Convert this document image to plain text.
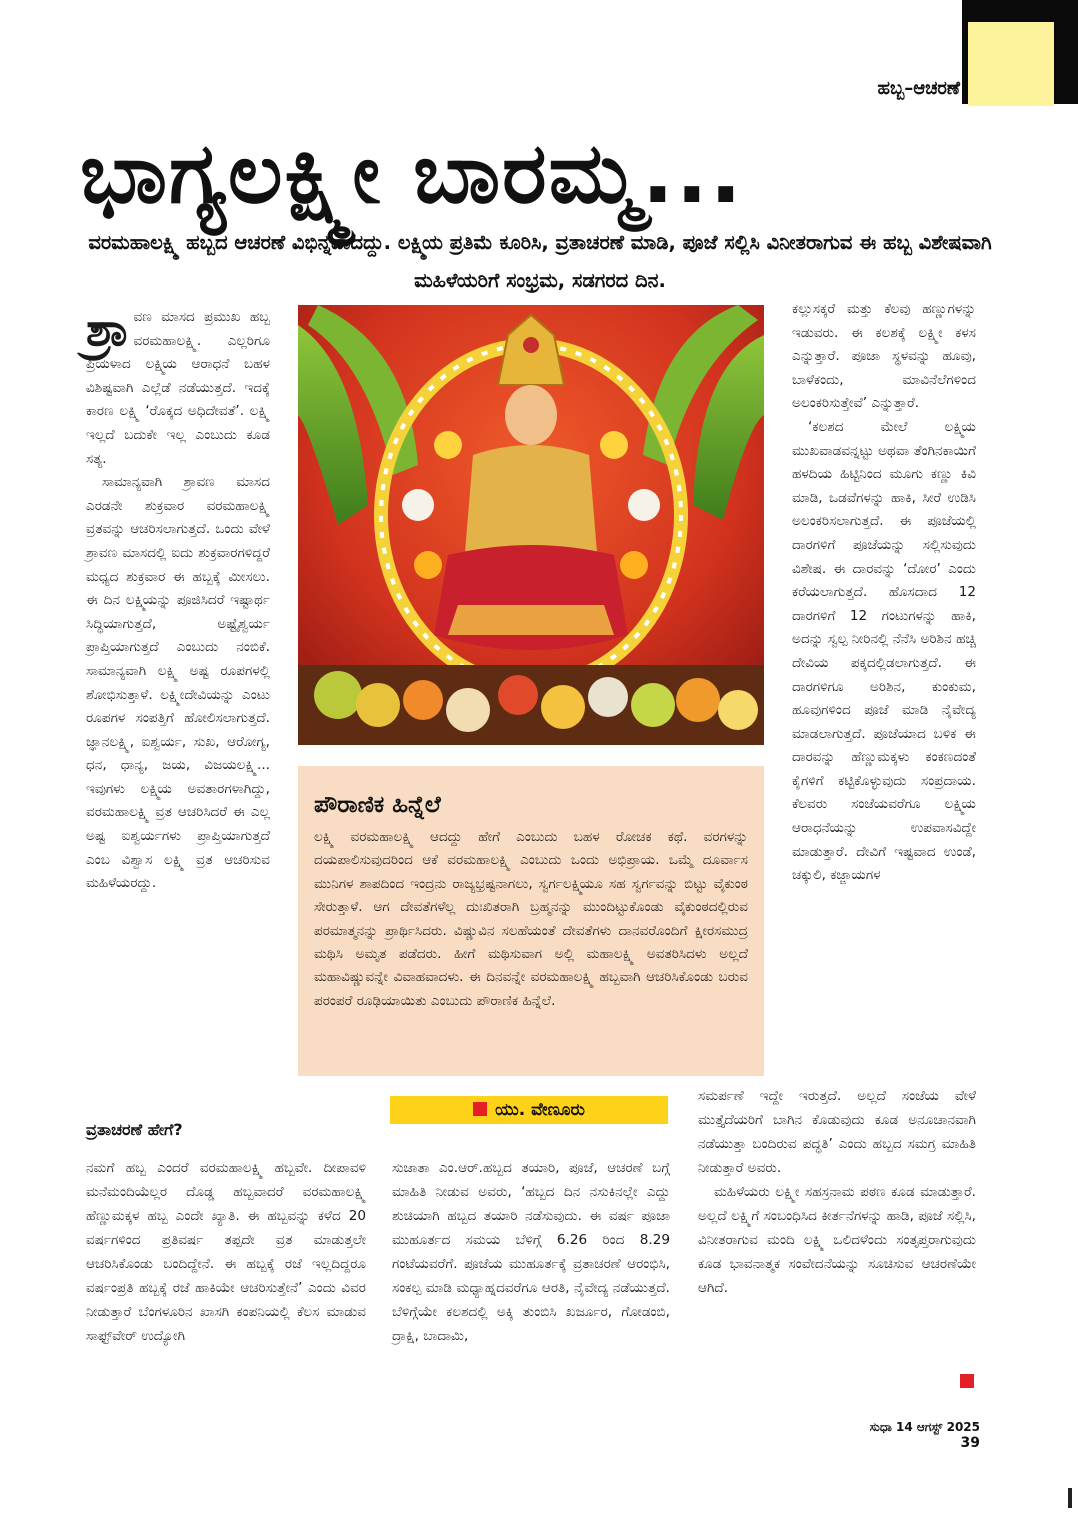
ಹಬ್ಬ–ಆಚರಣೆ
ಭಾಗ್ಯಲಕ್ಷ್ಮೀ ಬಾರಮ್ಮ...
ವರಮಹಾಲಕ್ಷ್ಮಿ ಹಬ್ಬದ ಆಚರಣೆ ವಿಭಿನ್ನವಾದದ್ದು. ಲಕ್ಷ್ಮಿಯ ಪ್ರತಿಮೆ ಕೂರಿಸಿ, ವ್ರತಾಚರಣೆ ಮಾಡಿ, ಪೂಜೆ ಸಲ್ಲಿಸಿ ವಿನೀತರಾಗುವ ಈ ಹಬ್ಬ ವಿಶೇಷವಾಗಿ ಮಹಿಳೆಯರಿಗೆ ಸಂಭ್ರಮ, ಸಡಗರದ ದಿನ.

ಶ್ರಾ ವಣ ಮಾಸದ ಪ್ರಮುಖ ಹಬ್ಬ ವರಮಹಾಲಕ್ಷ್ಮಿ. ಎಲ್ಲರಿಗೂ ಪ್ರಿಯಳಾದ ಲಕ್ಷ್ಮಿಯ ಆರಾಧನೆ ಬಹಳ ವಿಶಿಷ್ಟವಾಗಿ ಎಲ್ಲೆಡೆ ನಡೆಯುತ್ತದೆ. ಇದಕ್ಕೆ ಕಾರಣ ಲಕ್ಷ್ಮಿ ‘ರೊಕ್ಕದ ಅಧಿದೇವತೆ’. ಲಕ್ಷ್ಮಿ ಇಲ್ಲದೆ ಬದುಕೇ ಇಲ್ಲ ಎಂಬುದು ಕೂಡ ಸತ್ಯ.

ಸಾಮಾನ್ಯವಾಗಿ ಶ್ರಾವಣ ಮಾಸದ ಎರಡನೇ ಶುಕ್ರವಾರ ವರಮಹಾಲಕ್ಷ್ಮಿ ವ್ರತವನ್ನು ಆಚರಿಸಲಾಗುತ್ತದೆ. ಒಂದು ವೇಳೆ ಶ್ರಾವಣ ಮಾಸದಲ್ಲಿ ಐದು ಶುಕ್ರವಾರಗಳಿದ್ದರೆ ಮಧ್ಯದ ಶುಕ್ರವಾರ ಈ ಹಬ್ಬಕ್ಕೆ ಮೀಸಲು. ಈ ದಿನ ಲಕ್ಷ್ಮಿಯನ್ನು ಪೂಜಿಸಿದರೆ ಇಷ್ಟಾರ್ಥ ಸಿದ್ಧಿಯಾಗುತ್ತದೆ, ಅಷ್ಟೈಶ್ವರ್ಯ ಪ್ರಾಪ್ತಿಯಾಗುತ್ತದೆ ಎಂಬುದು ನಂಬಿಕೆ. ಸಾಮಾನ್ಯವಾಗಿ ಲಕ್ಷ್ಮಿ ಅಷ್ಟ ರೂಪಗಳಲ್ಲಿ ಶೋಭಿಸುತ್ತಾಳೆ. ಲಕ್ಷ್ಮೀದೇವಿಯನ್ನು ಎಂಟು ರೂಪಗಳ ಸಂಪತ್ತಿಗೆ ಹೋಲಿಸಲಾಗುತ್ತದೆ. ಜ್ಞಾನಲಕ್ಷ್ಮಿ, ಐಶ್ವರ್ಯ, ಸುಖ, ಆರೋಗ್ಯ, ಧನ, ಧಾನ್ಯ, ಜಯ, ವಿಜಯಲಕ್ಷ್ಮಿ... ಇವುಗಳು ಲಕ್ಷ್ಮಿಯ ಅವತಾರಗಳಾಗಿದ್ದು, ವರಮಹಾಲಕ್ಷ್ಮಿ ವ್ರತ ಆಚರಿಸಿದರೆ ಈ ಎಲ್ಲ ಅಷ್ಟ ಐಶ್ವರ್ಯಗಳು ಪ್ರಾಪ್ತಿಯಾಗುತ್ತದೆ ಎಂಬ ವಿಶ್ವಾಸ ಲಕ್ಷ್ಮಿ ವ್ರತ ಆಚರಿಸುವ ಮಹಿಳೆಯರದ್ದು.

ಪೌರಾಣಿಕ ಹಿನ್ನೆಲೆ
ಲಕ್ಷ್ಮಿ ವರಮಹಾಲಕ್ಷ್ಮಿ ಆದದ್ದು ಹೇಗೆ ಎಂಬುದು ಬಹಳ ರೋಚಕ ಕಥೆ. ವರಗಳನ್ನು ದಯಪಾಲಿಸುವುದರಿಂದ ಆಕೆ ವರಮಹಾಲಕ್ಷ್ಮಿ ಎಂಬುದು ಒಂದು ಅಭಿಪ್ರಾಯ. ಒಮ್ಮೆ ದೂರ್ವಾಸ ಮುನಿಗಳ ಶಾಪದಿಂದ ಇಂದ್ರನು ರಾಜ್ಯಭ್ರಷ್ಟನಾಗಲು, ಸ್ವರ್ಗಲಕ್ಷ್ಮಿಯೂ ಸಹ ಸ್ವರ್ಗವನ್ನು ಬಿಟ್ಟು ವೈಕುಂಠ ಸೇರುತ್ತಾಳೆ. ಆಗ ದೇವತೆಗಳೆಲ್ಲ ದುಃಖಿತರಾಗಿ ಬ್ರಹ್ಮನನ್ನು ಮುಂದಿಟ್ಟುಕೊಂಡು ವೈಕುಂಠದಲ್ಲಿರುವ ಪರಮಾತ್ಮನನ್ನು ಪ್ರಾರ್ಥಿಸಿದರು. ವಿಷ್ಣುವಿನ ಸಲಹೆಯಂತೆ ದೇವತೆಗಳು ದಾನವರೊಂದಿಗೆ ಕ್ಷೀರಸಮುದ್ರ ಮಥಿಸಿ ಅಮೃತ ಪಡೆದರು. ಹೀಗೆ ಮಥಿಸುವಾಗ ಅಲ್ಲಿ ಮಹಾಲಕ್ಷ್ಮಿ ಅವತರಿಸಿದಳು ಅಲ್ಲದೆ ಮಹಾವಿಷ್ಣುವನ್ನೇ ವಿವಾಹವಾದಳು. ಈ ದಿನವನ್ನೇ ವರಮಹಾಲಕ್ಷ್ಮಿ ಹಬ್ಬವಾಗಿ ಆಚರಿಸಿಕೊಂಡು ಬರುವ ಪರಂಪರೆ ರೂಢಿಯಾಯಿತು ಎಂಬುದು ಪೌರಾಣಿಕ ಹಿನ್ನೆಲೆ.
ಯು. ವೇಣೂರು
ವ್ರತಾಚರಣೆ ಹೇಗೆ?
ನಮಗೆ ಹಬ್ಬ ಎಂದರೆ ವರಮಹಾಲಕ್ಷ್ಮಿ ಹಬ್ಬವೇ. ದೀಪಾವಳಿ ಮನೆಮಂದಿಯೆಲ್ಲರ ದೊಡ್ಡ ಹಬ್ಬವಾದರೆ ವರಮಹಾಲಕ್ಷ್ಮಿ ಹೆಣ್ಣುಮಕ್ಕಳ ಹಬ್ಬ ಎಂದೇ ಖ್ಯಾತಿ. ಈ ಹಬ್ಬವನ್ನು ಕಳೆದ 20 ವರ್ಷಗಳಿಂದ ಪ್ರತಿವರ್ಷ ತಪ್ಪದೇ ವ್ರತ ಮಾಡುತ್ತಲೇ ಆಚರಿಸಿಕೊಂಡು ಬಂದಿದ್ದೇನೆ. ಈ ಹಬ್ಬಕ್ಕೆ ರಜೆ ಇಲ್ಲದಿದ್ದರೂ ವರ್ಷಂಪ್ರತಿ ಹಬ್ಬಕ್ಕೆ ರಜೆ ಹಾಕಿಯೇ ಆಚರಿಸುತ್ತೇನೆ’ ಎಂದು ವಿವರ ನೀಡುತ್ತಾರೆ ಬೆಂಗಳೂರಿನ ಖಾಸಗಿ ಕಂಪನಿಯಲ್ಲಿ ಕೆಲಸ ಮಾಡುವ ಸಾಫ್ಟ್‌ವೇರ್ ಉದ್ಯೋಗಿ
ಸುಜಾತಾ ಎಂ.ಆರ್.ಹಬ್ಬದ ತಯಾರಿ, ಪೂಜೆ, ಆಚರಣೆ ಬಗ್ಗೆ ಮಾಹಿತಿ ನೀಡುವ ಅವರು, ‘ಹಬ್ಬದ ದಿನ ನಸುಕಿನಲ್ಲೇ ಎದ್ದು ಶುಚಿಯಾಗಿ ಹಬ್ಬದ ತಯಾರಿ ನಡೆಸುವುದು. ಈ ವರ್ಷ ಪೂಜಾ ಮುಹೂರ್ತದ ಸಮಯ ಬೆಳಿಗ್ಗೆ 6.26 ರಿಂದ 8.29 ಗಂಟೆಯವರೆಗೆ. ಪೂಜೆಯ ಮುಹೂರ್ತಕ್ಕೆ ವ್ರತಾಚರಣೆ ಆರಂಭಿಸಿ, ಸಂಕಲ್ಪ ಮಾಡಿ ಮಧ್ಯಾಹ್ನದವರೆಗೂ ಆರತಿ, ನೈವೇದ್ಯ ನಡೆಯುತ್ತದೆ. ಬೆಳಿಗ್ಗೆಯೇ ಕಲಶದಲ್ಲಿ ಅಕ್ಕಿ ತುಂಬಿಸಿ ಖರ್ಜೂರ, ಗೋಡಂಬಿ, ದ್ರಾಕ್ಷಿ, ಬಾದಾಮಿ,

ಕಲ್ಲುಸಕ್ಕರೆ ಮತ್ತು ಕೆಲವು ಹಣ್ಣುಗಳನ್ನು ಇಡುವರು. ಈ ಕಲಶಕ್ಕೆ ಲಕ್ಷ್ಮೀ ಕಳಸ ಎನ್ನುತ್ತಾರೆ. ಪೂಜಾ ಸ್ಥಳವನ್ನು ಹೂವು, ಬಾಳೆಕಂದು, ಮಾವಿನೆಲೆಗಳಿಂದ ಅಲಂಕರಿಸುತ್ತೇವೆ’ ಎನ್ನುತ್ತಾರೆ.

‘ಕಲಶದ ಮೇಲೆ ಲಕ್ಷ್ಮಿಯ ಮುಖವಾಡವನ್ನಟ್ಟು ಅಥವಾ ತೆಂಗಿನಕಾಯಿಗೆ ಹಳದಿಯ ಹಿಟ್ಟಿನಿಂದ ಮೂಗು ಕಣ್ಣು ಕಿವಿ ಮಾಡಿ, ಒಡವೆಗಳನ್ನು ಹಾಕಿ, ಸೀರೆ ಉಡಿಸಿ ಅಲಂಕರಿಸಲಾಗುತ್ತದೆ. ಈ ಪೂಜೆಯಲ್ಲಿ ದಾರಗಳಿಗೆ ಪೂಜೆಯನ್ನು ಸಲ್ಲಿಸುವುದು ವಿಶೇಷ. ಈ ದಾರವನ್ನು ‘ದೋರ’ ಎಂದು ಕರೆಯಲಾಗುತ್ತದೆ. ಹೊಸದಾದ 12 ದಾರಗಳಿಗೆ 12 ಗಂಟುಗಳನ್ನು ಹಾಕಿ, ಅದನ್ನು ಸ್ವಲ್ಪ ನೀರಿನಲ್ಲಿ ನೆನೆಸಿ ಅರಿಶಿನ ಹಚ್ಚಿ ದೇವಿಯ ಪಕ್ಕದಲ್ಲಿಡಲಾಗುತ್ತದೆ. ಈ ದಾರಗಳಿಗೂ ಅರಿಶಿನ, ಕುಂಕುಮ, ಹೂವುಗಳಿಂದ ಪೂಜೆ ಮಾಡಿ ನೈವೇದ್ಯ ಮಾಡಲಾಗುತ್ತದೆ. ಪೂಜೆಯಾದ ಬಳಿಕ ಈ ದಾರವನ್ನು ಹೆಣ್ಣುಮಕ್ಕಳು ಕಂಕಣದಂತೆ ಕೈಗಳಿಗೆ ಕಟ್ಟಿಕೊಳ್ಳುವುದು ಸಂಪ್ರದಾಯ. ಕೆಲವರು ಸಂಜೆಯವರೆಗೂ ಲಕ್ಷ್ಮಿಯ ಆರಾಧನೆಯನ್ನು ಉಪವಾಸವಿದ್ದೇ ಮಾಡುತ್ತಾರೆ. ದೇವಿಗೆ ಇಷ್ಟವಾದ ಉಂಡೆ, ಚಕ್ಕುಲಿ, ಕಜ್ಜಾಯಗಳ

ಸಮರ್ಪಣೆ ಇದ್ದೇ ಇರುತ್ತದೆ. ಅಲ್ಲದೆ ಸಂಜೆಯ ವೇಳೆ ಮುತ್ತೈದೆಯರಿಗೆ ಬಾಗಿನ ಕೊಡುವುದು ಕೂಡ ಅನೂಚಾನವಾಗಿ ನಡೆಯುತ್ತಾ ಬಂದಿರುವ ಪದ್ಧತಿ’ ಎಂದು ಹಬ್ಬದ ಸಮಗ್ರ ಮಾಹಿತಿ ನೀಡುತ್ತಾರೆ ಅವರು.

ಮಹಿಳೆಯರು ಲಕ್ಷ್ಮೀ ಸಹಸ್ರನಾಮ ಪಠಣ ಕೂಡ ಮಾಡುತ್ತಾರೆ. ಅಲ್ಲದೆ ಲಕ್ಷ್ಮಿಗೆ ಸಂಬಂಧಿಸಿದ ಕೀರ್ತನೆಗಳನ್ನು ಹಾಡಿ, ಪೂಜೆ ಸಲ್ಲಿಸಿ, ವಿನೀತರಾಗುವ ಮಂದಿ ಲಕ್ಷ್ಮಿ ಒಲಿದಳೆಂದು ಸಂತೃಪ್ತರಾಗುವುದು ಕೂಡ ಭಾವನಾತ್ಮಕ ಸಂವೇದನೆಯನ್ನು ಸೂಚಿಸುವ ಆಚರಣೆಯೇ ಆಗಿದೆ.

ಸುಧಾ 14 ಆಗಸ್ಟ್ 2025 39
